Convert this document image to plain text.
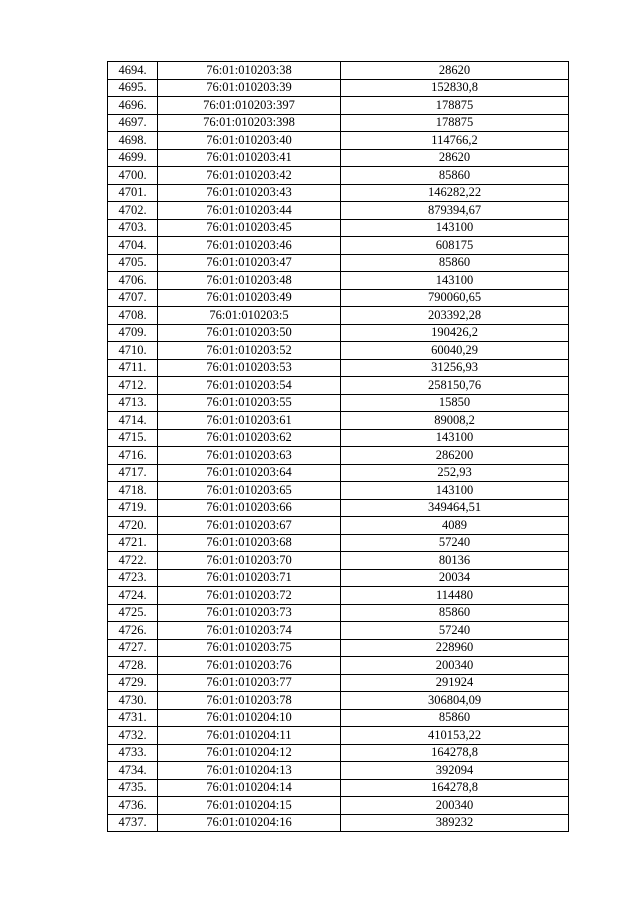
4694.	76:01:010203:38	28620
4695.	76:01:010203:39	152830,8
4696.	76:01:010203:397	178875
4697.	76:01:010203:398	178875
4698.	76:01:010203:40	114766,2
4699.	76:01:010203:41	28620
4700.	76:01:010203:42	85860
4701.	76:01:010203:43	146282,22
4702.	76:01:010203:44	879394,67
4703.	76:01:010203:45	143100
4704.	76:01:010203:46	608175
4705.	76:01:010203:47	85860
4706.	76:01:010203:48	143100
4707.	76:01:010203:49	790060,65
4708.	76:01:010203:5	203392,28
4709.	76:01:010203:50	190426,2
4710.	76:01:010203:52	60040,29
4711.	76:01:010203:53	31256,93
4712.	76:01:010203:54	258150,76
4713.	76:01:010203:55	15850
4714.	76:01:010203:61	89008,2
4715.	76:01:010203:62	143100
4716.	76:01:010203:63	286200
4717.	76:01:010203:64	252,93
4718.	76:01:010203:65	143100
4719.	76:01:010203:66	349464,51
4720.	76:01:010203:67	4089
4721.	76:01:010203:68	57240
4722.	76:01:010203:70	80136
4723.	76:01:010203:71	20034
4724.	76:01:010203:72	114480
4725.	76:01:010203:73	85860
4726.	76:01:010203:74	57240
4727.	76:01:010203:75	228960
4728.	76:01:010203:76	200340
4729.	76:01:010203:77	291924
4730.	76:01:010203:78	306804,09
4731.	76:01:010204:10	85860
4732.	76:01:010204:11	410153,22
4733.	76:01:010204:12	164278,8
4734.	76:01:010204:13	392094
4735.	76:01:010204:14	164278,8
4736.	76:01:010204:15	200340
4737.	76:01:010204:16	389232
